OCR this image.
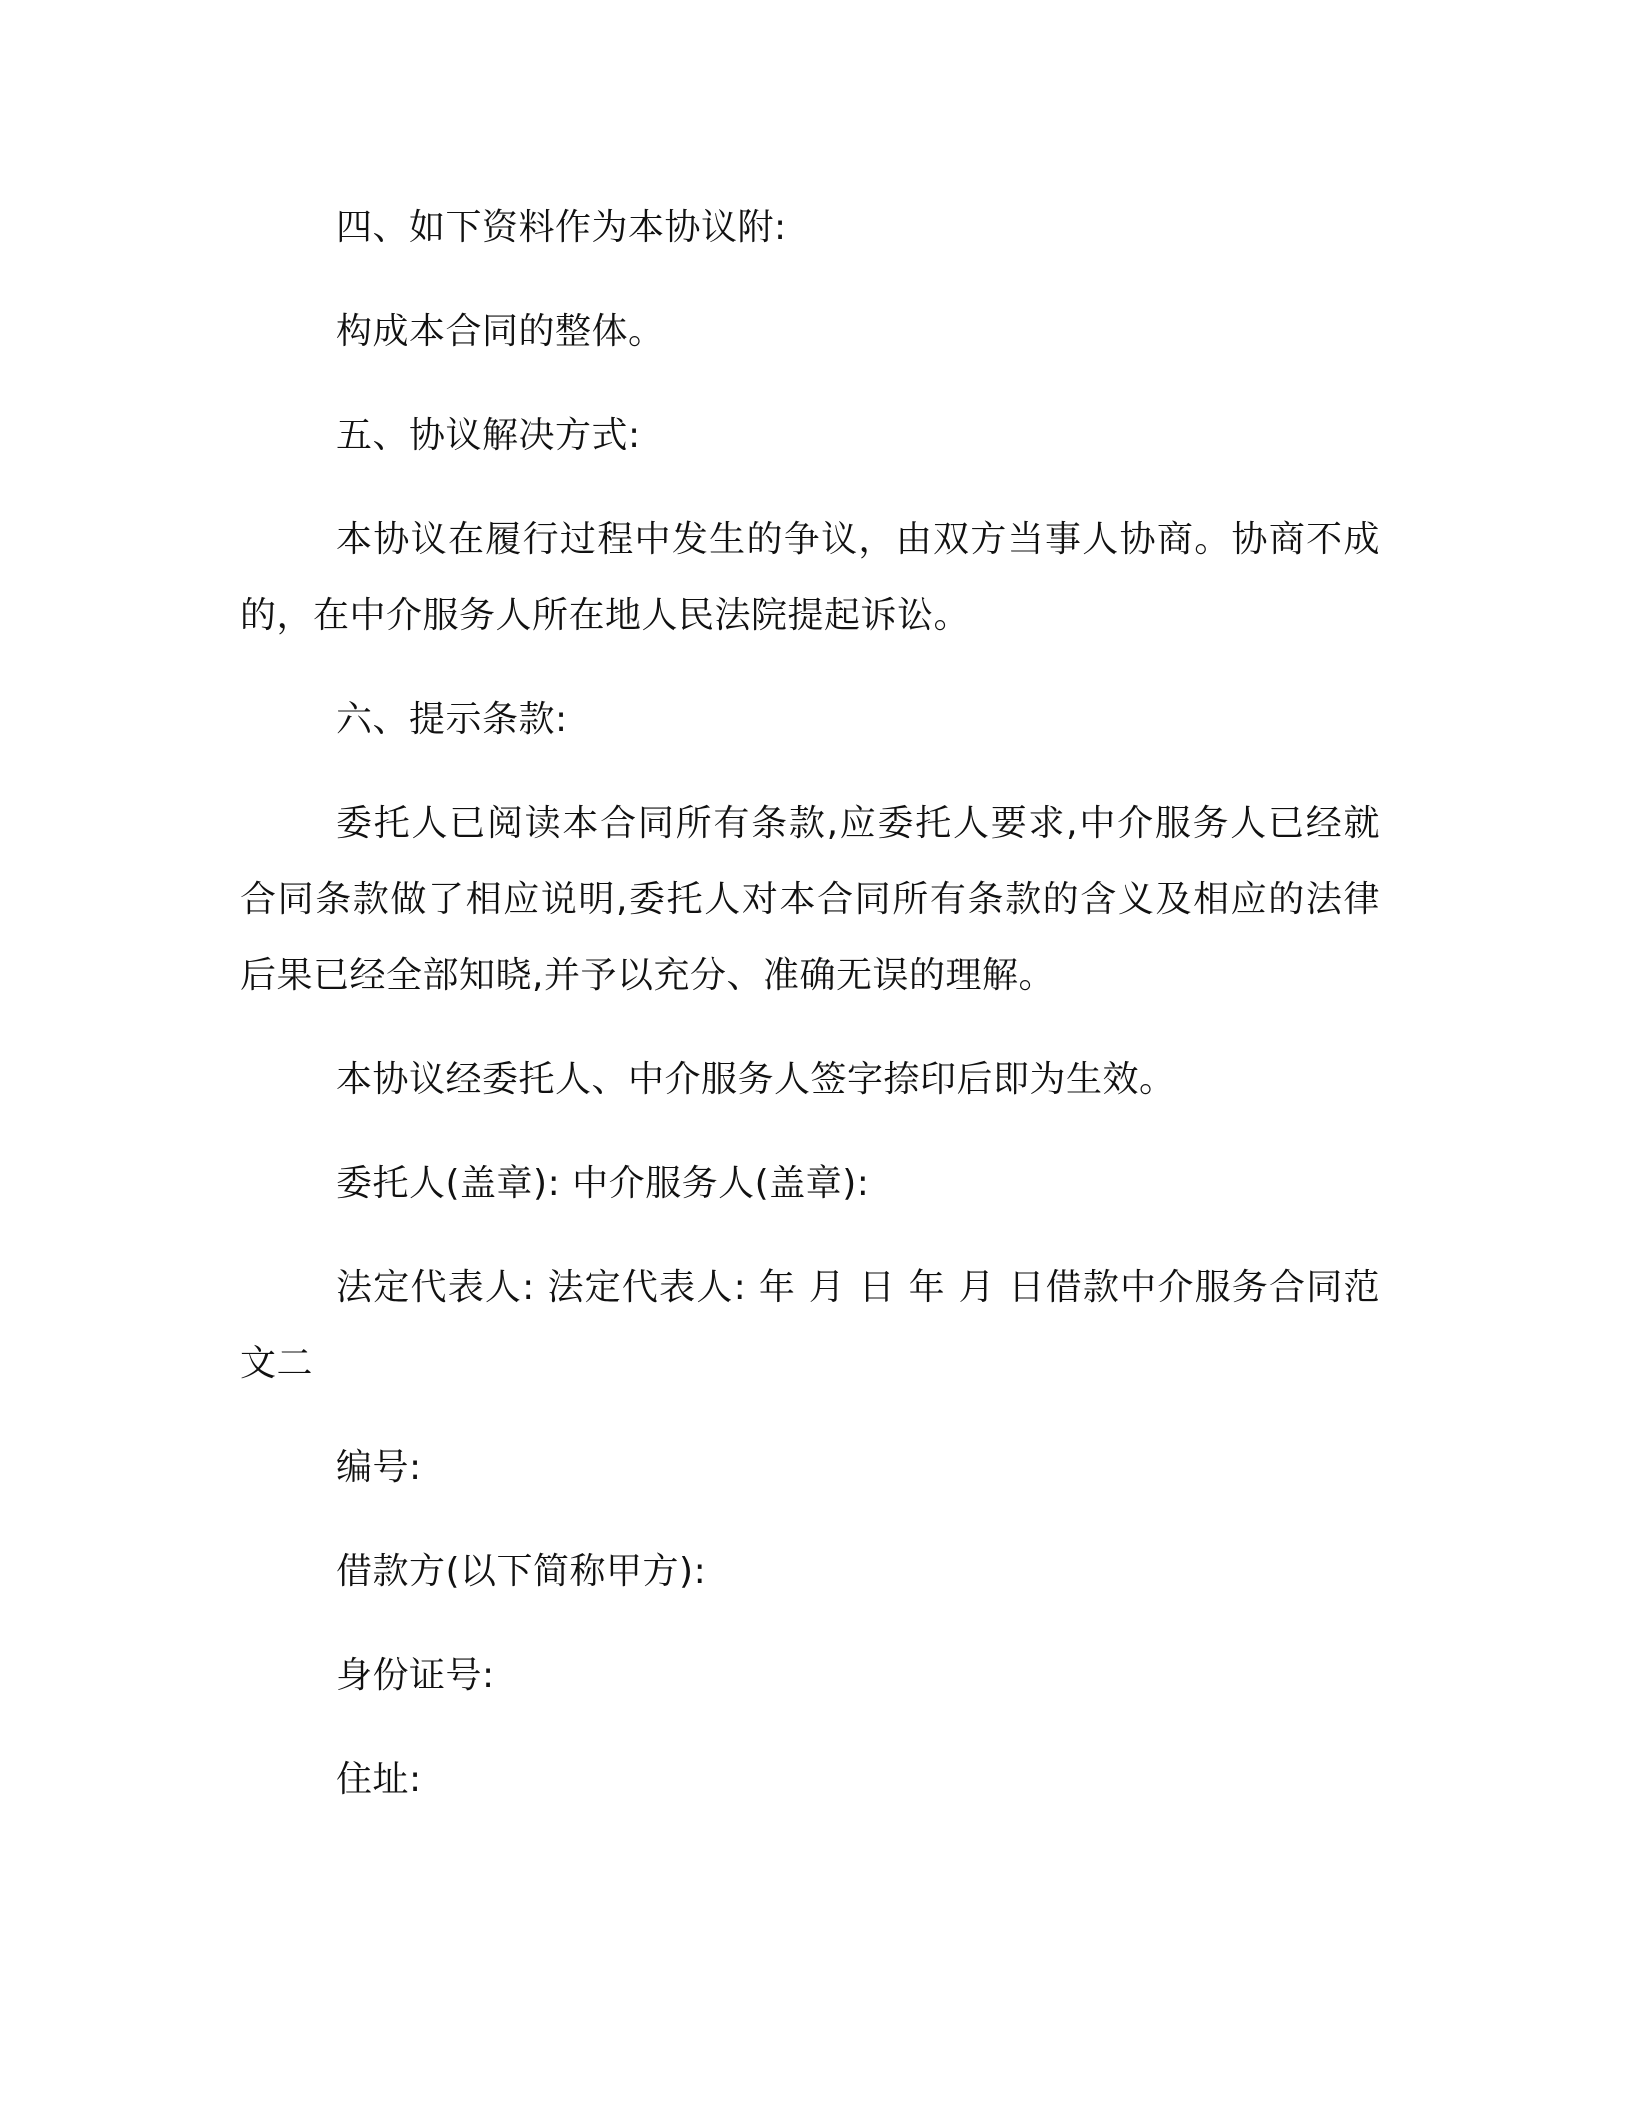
四、如下资料作为本协议附:

构成本合同的整体。

五、协议解决方式:

本协议在履行过程中发生的争议，由双方当事人协商。协商不成的，在中介服务人所在地人民法院提起诉讼。

六、提示条款:

委托人已阅读本合同所有条款,应委托人要求,中介服务人已经就合同条款做了相应说明,委托人对本合同所有条款的含义及相应的法律后果已经全部知晓,并予以充分、准确无误的理解。

本协议经委托人、中介服务人签字捺印后即为生效。

委托人(盖章): 中介服务人(盖章):

法定代表人: 法定代表人: 年 月 日 年 月 日借款中介服务合同范文二

编号:

借款方(以下简称甲方):

身份证号:

住址:
